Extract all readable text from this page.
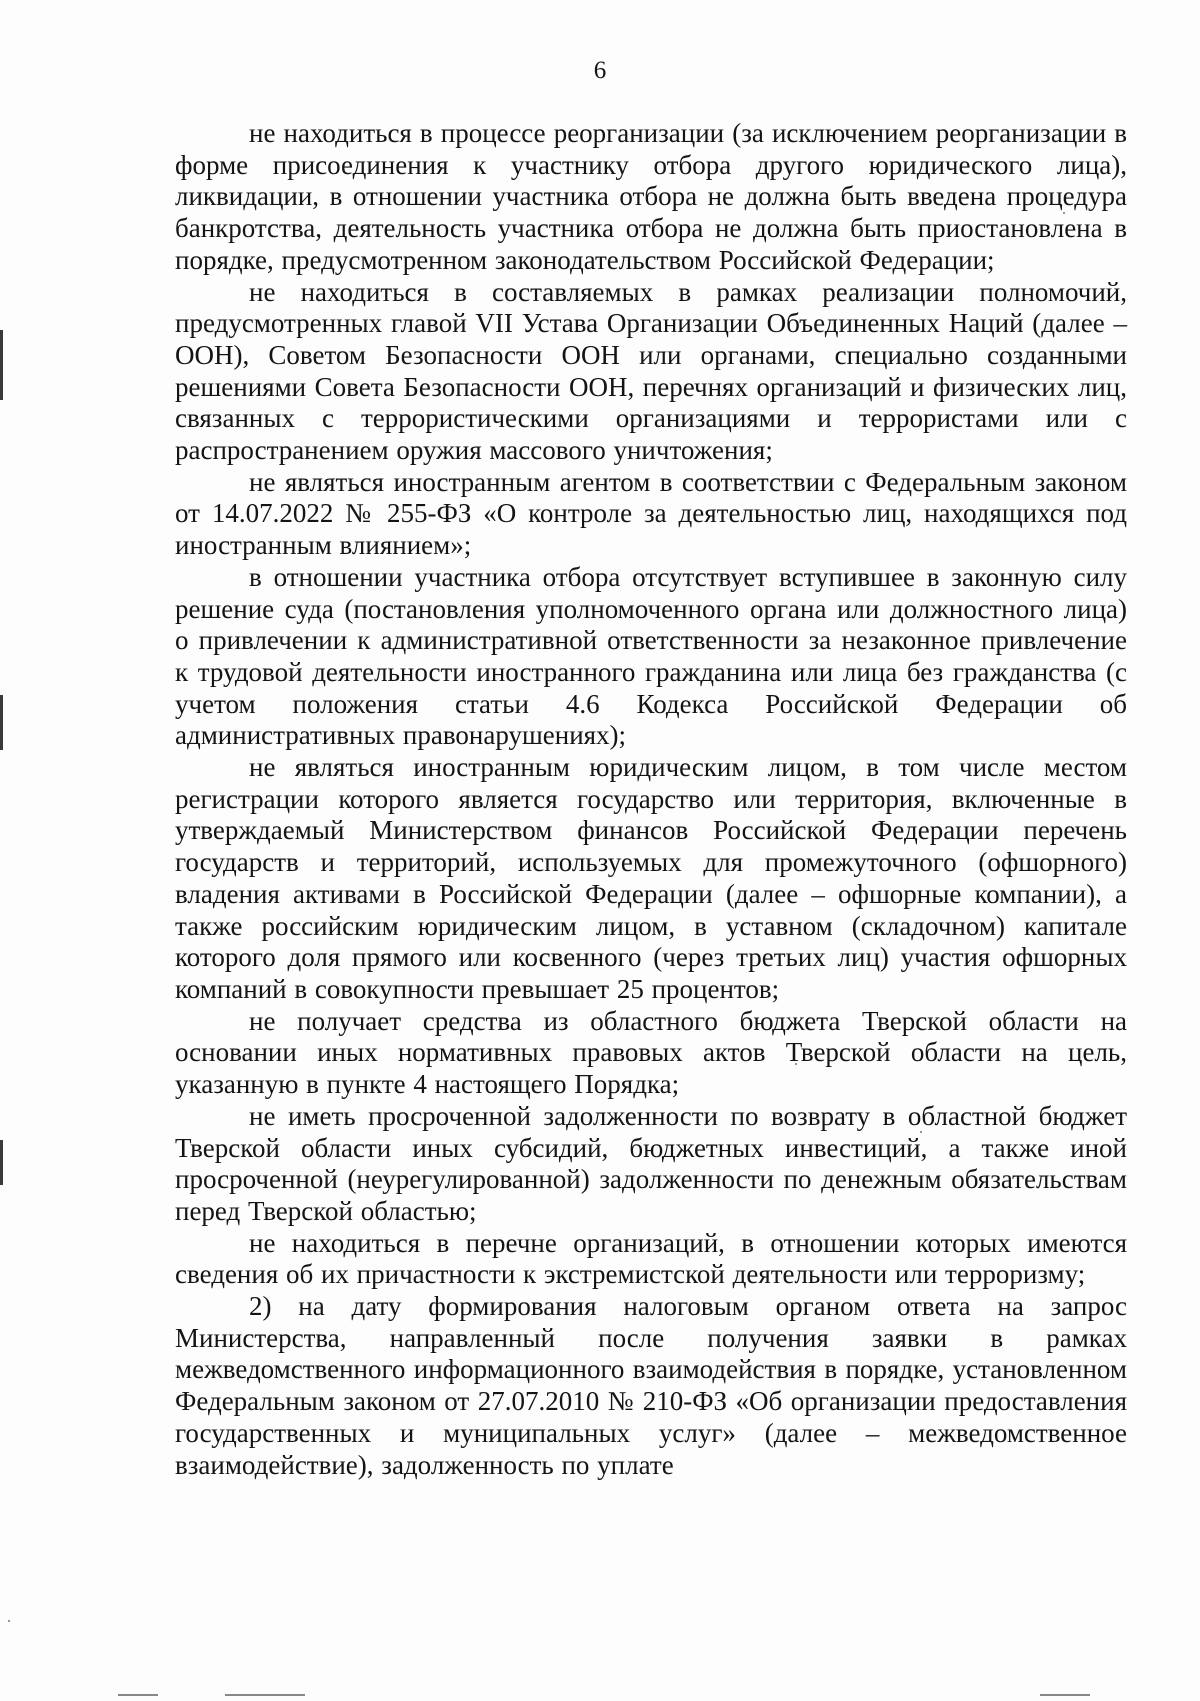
6

не находиться в процессе реорганизации (за исключением реорганизации в форме присоединения к участнику отбора другого юридического лица), ликвидации, в отношении участника отбора не должна быть введена процедура банкротства, деятельность участника отбора не должна быть приостановлена в порядке, предусмотренном законодательством Российской Федерации;

не находиться в составляемых в рамках реализации полномочий, предусмотренных главой VII Устава Организации Объединенных Наций (далее – ООН), Советом Безопасности ООН или органами, специально созданными решениями Совета Безопасности ООН, перечнях организаций и физических лиц, связанных с террористическими организациями и террористами или с распространением оружия массового уничтожения;

не являться иностранным агентом в соответствии с Федеральным законом от 14.07.2022 № 255-ФЗ «О контроле за деятельностью лиц, находящихся под иностранным влиянием»;

в отношении участника отбора отсутствует вступившее в законную силу решение суда (постановления уполномоченного органа или должностного лица) о привлечении к административной ответственности за незаконное привлечение к трудовой деятельности иностранного гражданина или лица без гражданства (с учетом положения статьи 4.6 Кодекса Российской Федерации об административных правонарушениях);

не являться иностранным юридическим лицом, в том числе местом регистрации которого является государство или территория, включенные в утверждаемый Министерством финансов Российской Федерации перечень государств и территорий, используемых для промежуточного (офшорного) владения активами в Российской Федерации (далее – офшорные компании), а также российским юридическим лицом, в уставном (складочном) капитале которого доля прямого или косвенного (через третьих лиц) участия офшорных компаний в совокупности превышает 25 процентов;

не получает средства из областного бюджета Тверской области на основании иных нормативных правовых актов Тверской области на цель, указанную в пункте 4 настоящего Порядка;

не иметь просроченной задолженности по возврату в областной бюджет Тверской области иных субсидий, бюджетных инвестиций, а также иной просроченной (неурегулированной) задолженности по денежным обязательствам перед Тверской областью;

не находиться в перечне организаций, в отношении которых имеются сведения об их причастности к экстремистской деятельности или терроризму;

2) на дату формирования налоговым органом ответа на запрос Министерства, направленный после получения заявки в рамках межведомственного информационного взаимодействия в порядке, установленном Федеральным законом от 27.07.2010 № 210-ФЗ «Об организации предоставления государственных и муниципальных услуг» (далее – межведомственное взаимодействие), задолженность по уплате
